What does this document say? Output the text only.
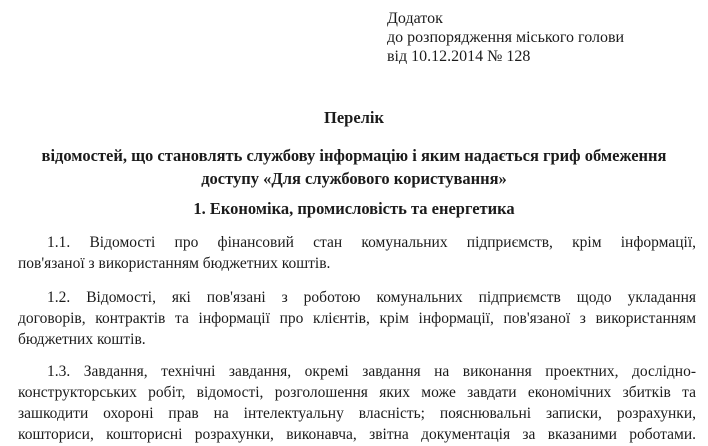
Додаток
до розпорядження міського голови
від 10.12.2014 № 128
Перелік
відомостей, що становлять службову інформацію і яким надається гриф обмеження
доступу «Для службового користування»
1. Економіка, промисловість та енергетика
1.1. Відомості про фінансовий стан комунальних підприємств, крім інформації,
пов'язаної з використанням бюджетних коштів.
1.2. Відомості, які пов'язані з роботою комунальних підприємств щодо укладання
договорів, контрактів та інформації про клієнтів, крім інформації, пов'язаної з використанням
бюджетних коштів.
1.3. Завдання, технічні завдання, окремі завдання на виконання проектних, дослідно-
конструкторських робіт, відомості, розголошення яких може завдати економічних збитків та
зашкодити охороні прав на інтелектуальну власність; пояснювальні записки, розрахунки,
кошториси, кошторисні розрахунки, виконавча, звітна документація за вказаними роботами.
